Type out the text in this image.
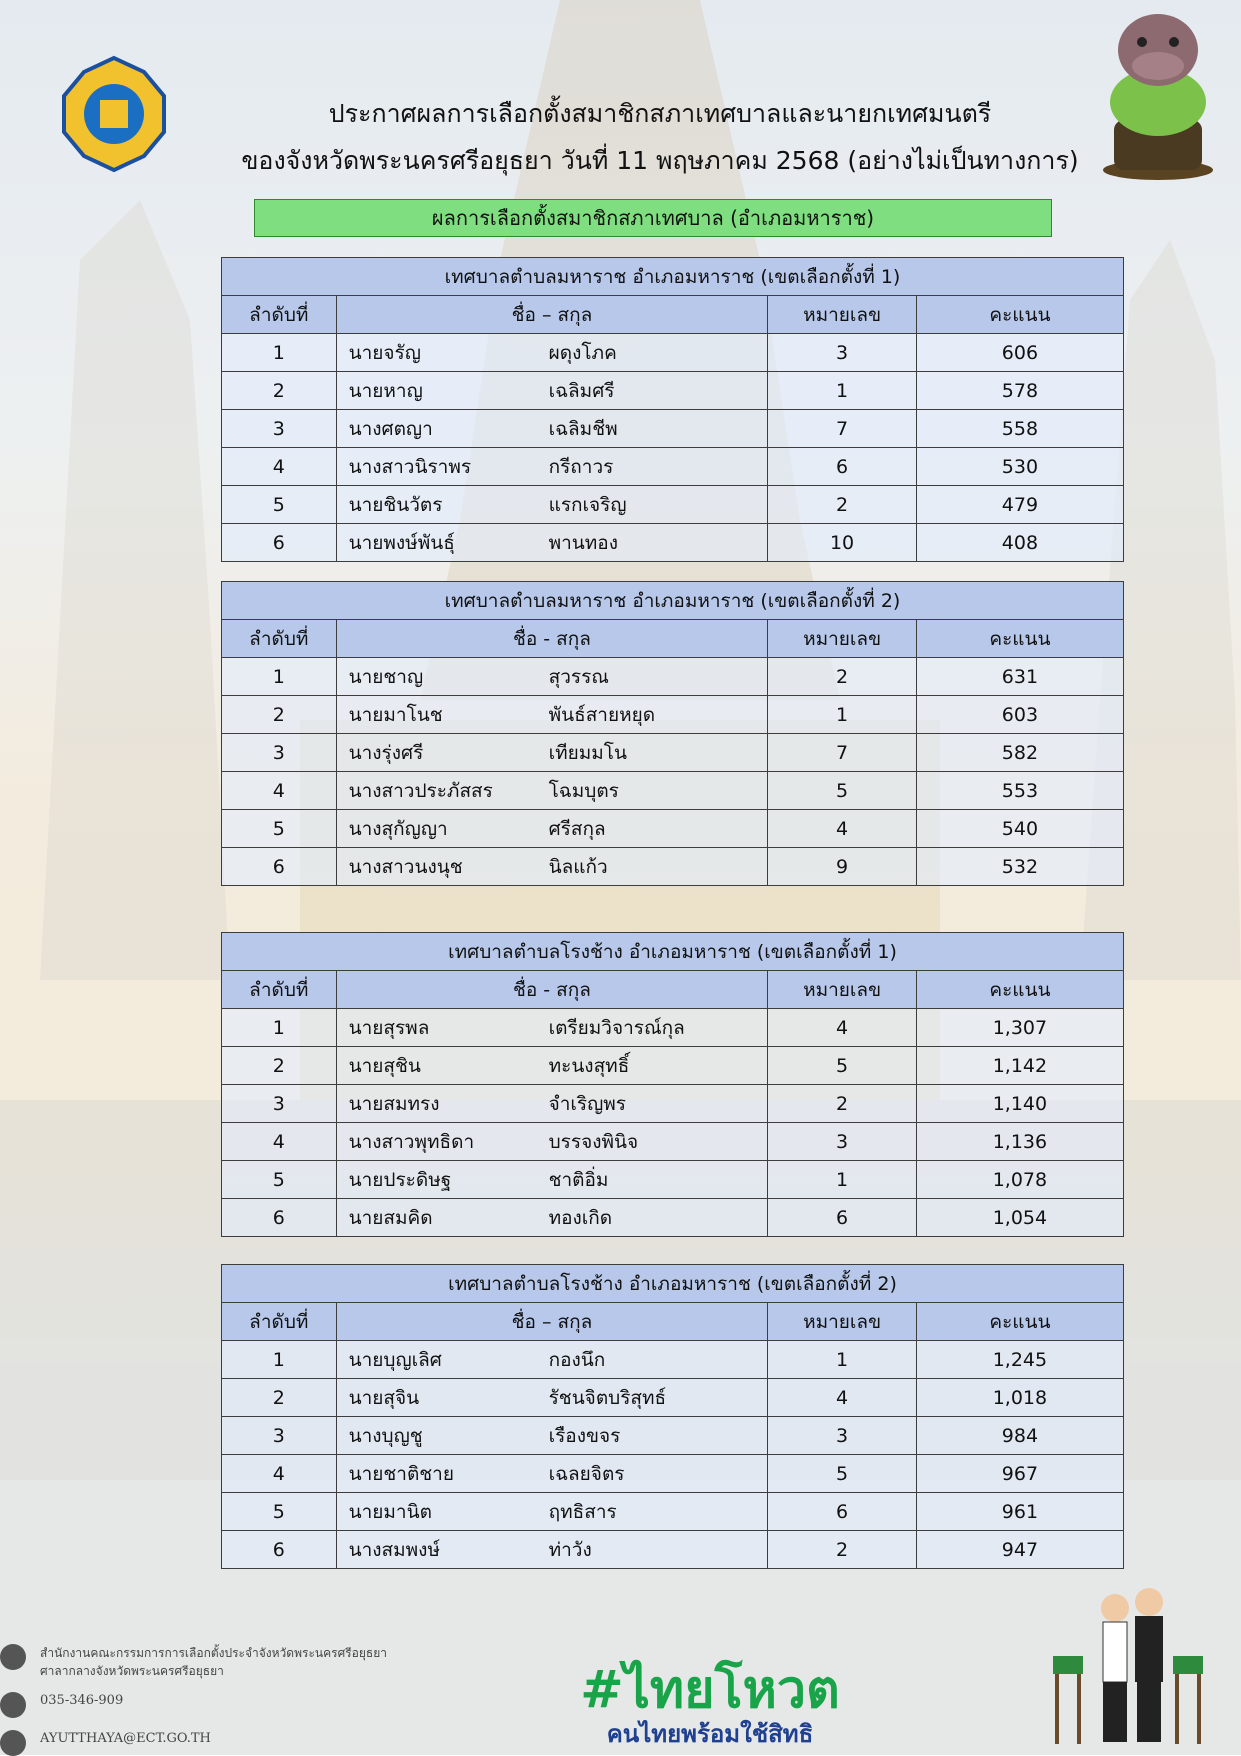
ประกาศผลการเลือกตั้งสมาชิกสภาเทศบาลและนายกเทศมนตรี
ของจังหวัดพระนครศรีอยุธยา วันที่ 11 พฤษภาคม 2568 (อย่างไม่เป็นทางการ)
ผลการเลือกตั้งสมาชิกสภาเทศบาล (อำเภอมหาราช)
เทศบาลตำบลมหาราช อำเภอมหาราช (เขตเลือกตั้งที่ 1)			
ลำดับที่	ชื่อ – สกุล	หมายเลข	คะแนน
1	นายจรัญ ผดุงโภค	3	606
2	นายหาญ เฉลิมศรี	1	578
3	นางศตญา เฉลิมชีพ	7	558
4	นางสาวนิราพร กรีถาวร	6	530
5	นายชินวัตร แรกเจริญ	2	479
6	นายพงษ์พันธุ์ พานทอง	10	408
เทศบาลตำบลมหาราช อำเภอมหาราช (เขตเลือกตั้งที่ 2)			
ลำดับที่	ชื่อ - สกุล	หมายเลข	คะแนน
1	นายชาญ สุวรรณ	2	631
2	นายมาโนช พันธ์สายหยุด	1	603
3	นางรุ่งศรี เทียมมโน	7	582
4	นางสาวประภัสสร โฉมบุตร	5	553
5	นางสุกัญญา ศรีสกุล	4	540
6	นางสาวนงนุช นิลแก้ว	9	532
เทศบาลตำบลโรงช้าง อำเภอมหาราช (เขตเลือกตั้งที่ 1)			
ลำดับที่	ชื่อ - สกุล	หมายเลข	คะแนน
1	นายสุรพล เตรียมวิจารณ์กุล	4	1,307
2	นายสุชิน ทะนงสุทธิ์	5	1,142
3	นายสมทรง จำเริญพร	2	1,140
4	นางสาวพุทธิดา บรรจงพินิจ	3	1,136
5	นายประดิษฐ ชาติอิ่ม	1	1,078
6	นายสมคิด ทองเกิด	6	1,054
เทศบาลตำบลโรงช้าง อำเภอมหาราช (เขตเลือกตั้งที่ 2)			
ลำดับที่	ชื่อ – สกุล	หมายเลข	คะแนน
1	นายบุญเลิศ กองนึก	1	1,245
2	นายสุจิน รัชนจิตบริสุทธ์	4	1,018
3	นางบุญชู เรืองขจร	3	984
4	นายชาติชาย เฉลยจิตร	5	967
5	นายมานิต ฤทธิสาร	6	961
6	นางสมพงษ์ ท่าวัง	2	947
สำนักงานคณะกรรมการการเลือกตั้งประจำจังหวัดพระนครศรีอยุธยา
ศาลากลางจังหวัดพระนครศรีอยุธยา
035-346-909
AYUTTHAYA@ECT.GO.TH
#ไทยโหวต
คนไทยพร้อมใช้สิทธิ
